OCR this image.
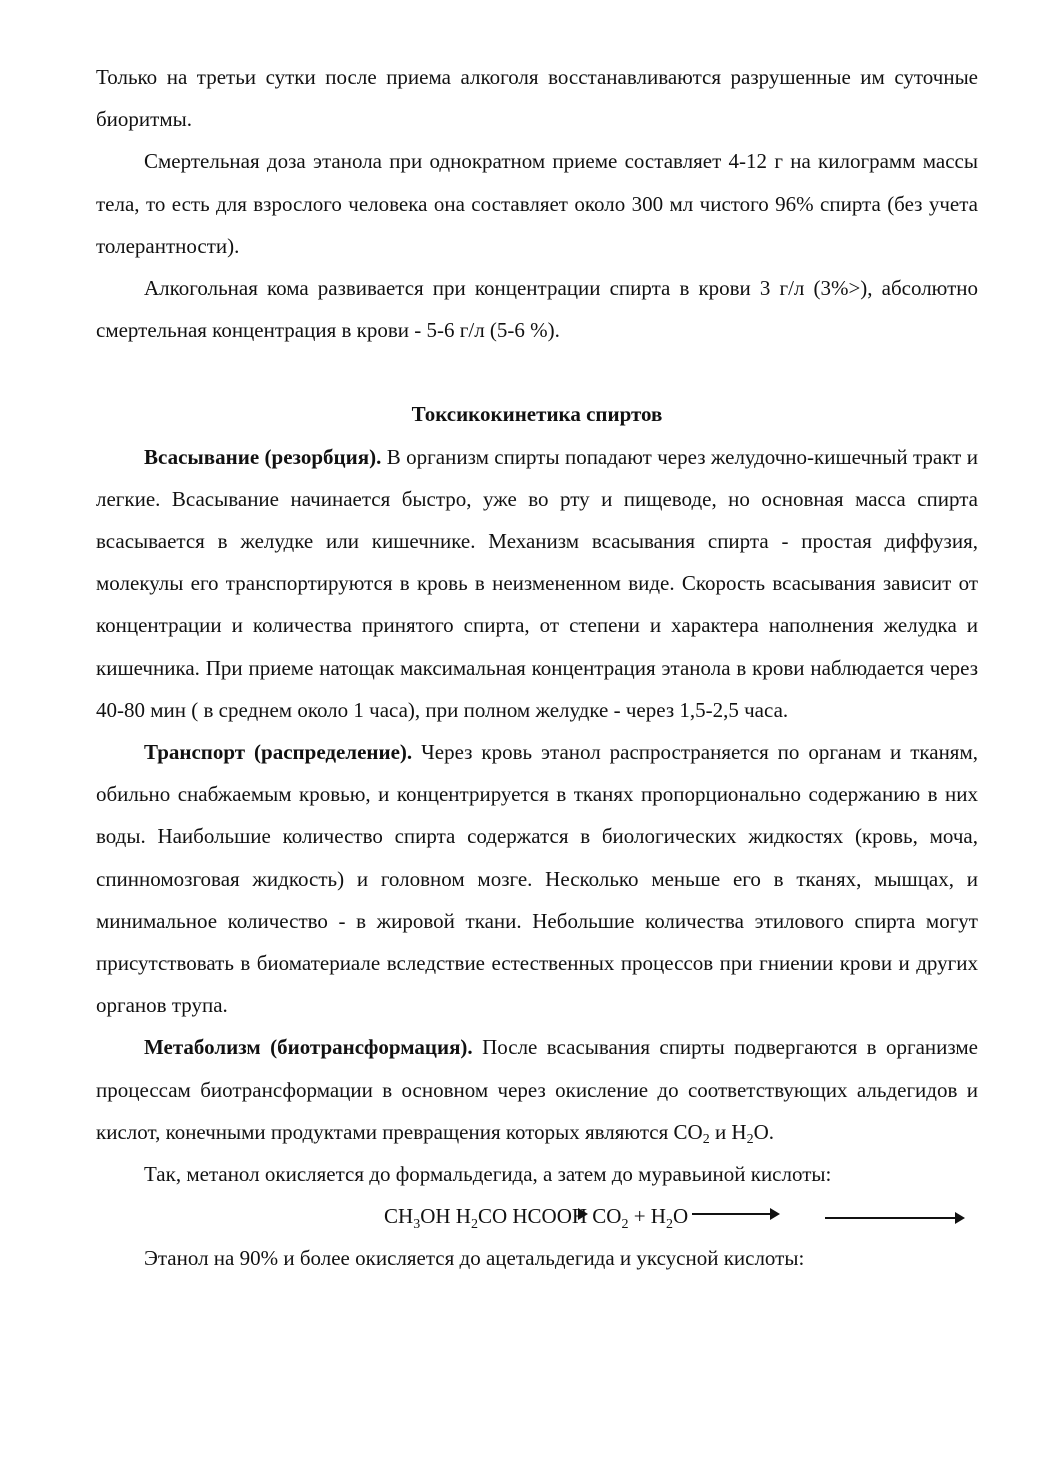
Только на третьи сутки после приема алкоголя восстанавливаются разрушенные им суточные биоритмы.

Смертельная доза этанола при однократном приеме составляет 4-12 г на килограмм массы тела, то есть для взрослого человека она составляет около 300 мл чистого 96% спирта (без учета толерантности).

Алкогольная кома развивается при концентрации спирта в крови 3 г/л (3%>), абсолютно смертельная концентрация в крови - 5-6 г/л (5-6 %).

Токсикокинетика спиртов

Всасывание (резорбция). В организм спирты попадают через желудочно-кишечный тракт и легкие. Всасывание начинается быстро, уже во рту и пищеводе, но основная масса спирта всасывается в желудке или кишечнике. Механизм всасывания спирта - простая диффузия, молекулы его транспортируются в кровь в неизмененном виде. Скорость всасывания зависит от концентрации и количества принятого спирта, от степени и характера наполнения желудка и кишечника. При приеме натощак максимальная концентрация этанола в крови наблюдается через 40-80 мин ( в среднем около 1 часа), при полном желудке - через 1,5-2,5 часа.

Транспорт (распределение). Через кровь этанол распространяется по органам и тканям, обильно снабжаемым кровью, и концентрируется в тканях пропорционально содержанию в них воды. Наибольшие количество спирта содержатся в биологических жидкостях (кровь, моча, спинномозговая жидкость) и головном мозге. Несколько меньше его в тканях, мышцах, и минимальное количество - в жировой ткани. Небольшие количества этилового спирта могут присутствовать в биоматериале вследствие естественных процессов при гниении крови и других органов трупа.

Метаболизм (биотрансформация). После всасывания спирты подвергаются в организме процессам биотрансформации в основном через окисление до соответствующих альдегидов и кислот, конечными продуктами превращения которых являются $CO_2$ и $H_2O$.

Так, метанол окисляется до формальдегида, а затем до муравьиной кислоты:

$CH_3OH$ $H_2CO$ HCOOH $CO_2 + H_2O$

Этанол на 90% и более окисляется до ацетальдегида и уксусной кислоты:
